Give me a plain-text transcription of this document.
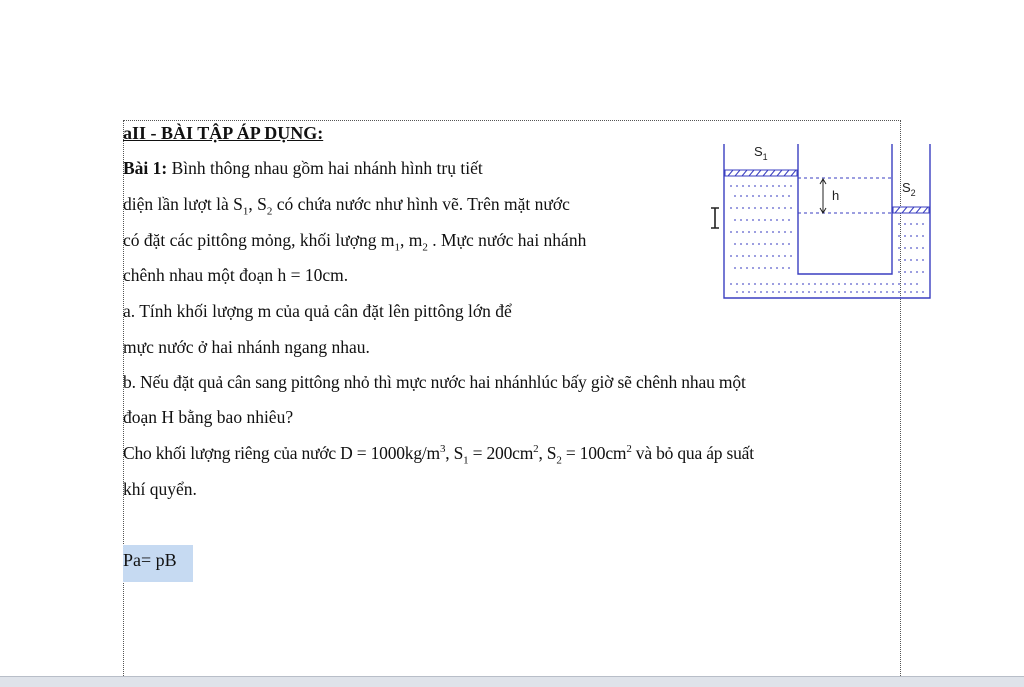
aII - BÀI TẬP ÁP DỤNG:
Bài 1: Bình thông nhau gồm hai nhánh hình trụ tiết
diện lần lượt là $S_1$, $S_2$ có chứa nước như hình vẽ. Trên mặt nước
có đặt các pittông mỏng, khối lượng $m_1$, $m_2$ . Mực nước hai nhánh
chênh nhau một đoạn h = 10cm.
a. Tính khối lượng m của quả cân đặt lên pittông lớn để
mực nước ở hai nhánh ngang nhau.
b. Nếu đặt quả cân sang pittông nhỏ thì mực nước hai nhánhlúc bấy giờ sẽ chênh nhau một
đoạn H bằng bao nhiêu?
Cho khối lượng riêng của nước $D = 1000kg/m^3$, $S_1 = 200cm^2$, $S_2 = 100cm^2$ và bỏ qua áp suất
khí quyển.
Pa= pB
$S_1$
h
$S_2$
